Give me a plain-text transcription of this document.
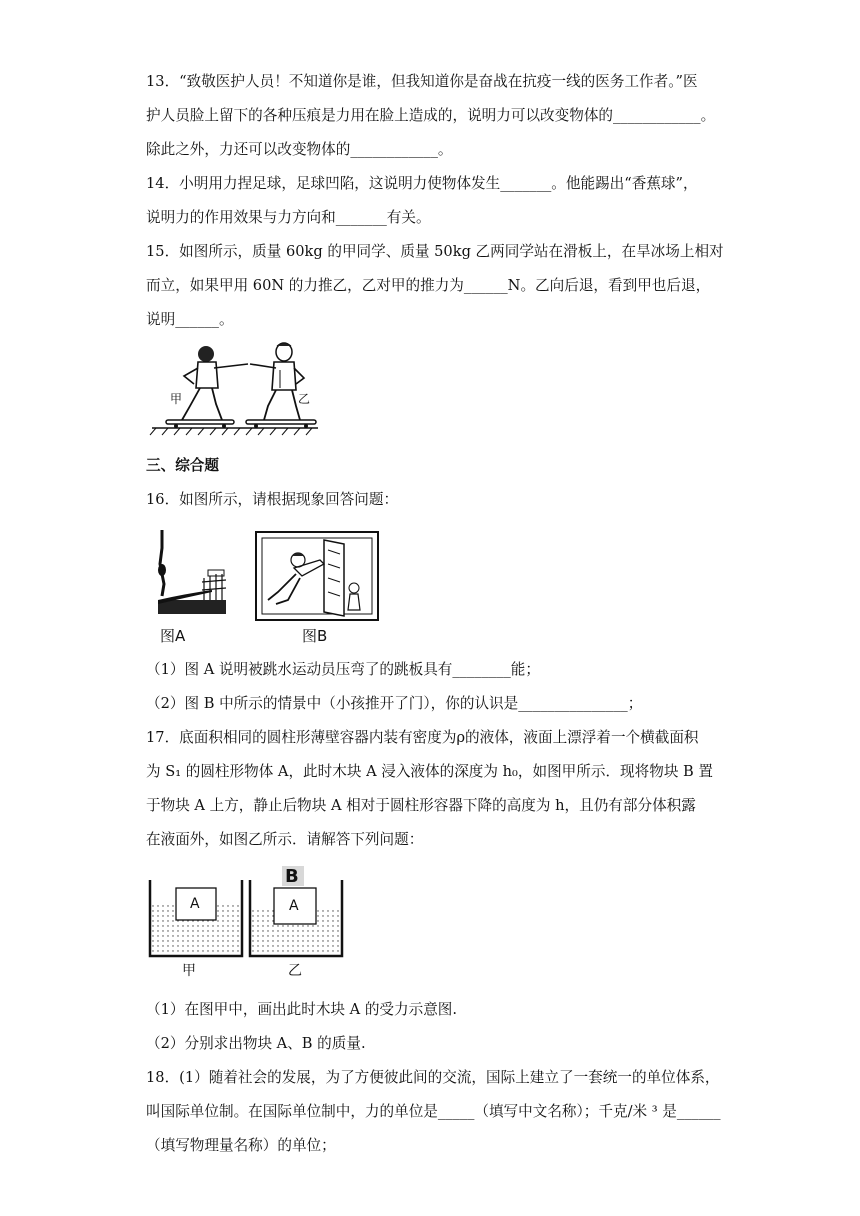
13．“致敬医护人员！不知道你是谁，但我知道你是奋战在抗疫一线的医务工作者。”医
护人员脸上留下的各种压痕是力用在脸上造成的，说明力可以改变物体的____________。
除此之外，力还可以改变物体的____________。
14．小明用力捏足球，足球凹陷，这说明力使物体发生_______。他能踢出“香蕉球”，
说明力的作用效果与力方向和_______有关。
15．如图所示，质量 60kg 的甲同学、质量 50kg 乙两同学站在滑板上，在旱冰场上相对
而立，如果甲用 60N 的力推乙，乙对甲的推力为______N。乙向后退，看到甲也后退，
说明______。
甲	乙
三、综合题
16．如图所示，请根据现象回答问题：
图A	图B
（1）图 A 说明被跳水运动员压弯了的跳板具有________能；
（2）图 B 中所示的情景中（小孩推开了门），你的认识是_______________；
17．底面积相同的圆柱形薄壁容器内装有密度为ρ的液体，液面上漂浮着一个横截面积
为 S₁ 的圆柱形物体 A，此时木块 A 浸入液体的深度为 h₀，如图甲所示．现将物块 B 置
于物块 A 上方，静止后物块 A 相对于圆柱形容器下降的高度为 h，且仍有部分体积露
在液面外，如图乙所示．请解答下列问题：
A	A
B
甲	乙
（1）在图甲中，画出此时木块 A 的受力示意图.
（2）分别求出物块 A、B 的质量.
18．(1）随着社会的发展，为了方便彼此间的交流，国际上建立了一套统一的单位体系，
叫国际单位制。在国际单位制中，力的单位是_____（填写中文名称）；千克/米 ³ 是______
（填写物理量名称）的单位；
